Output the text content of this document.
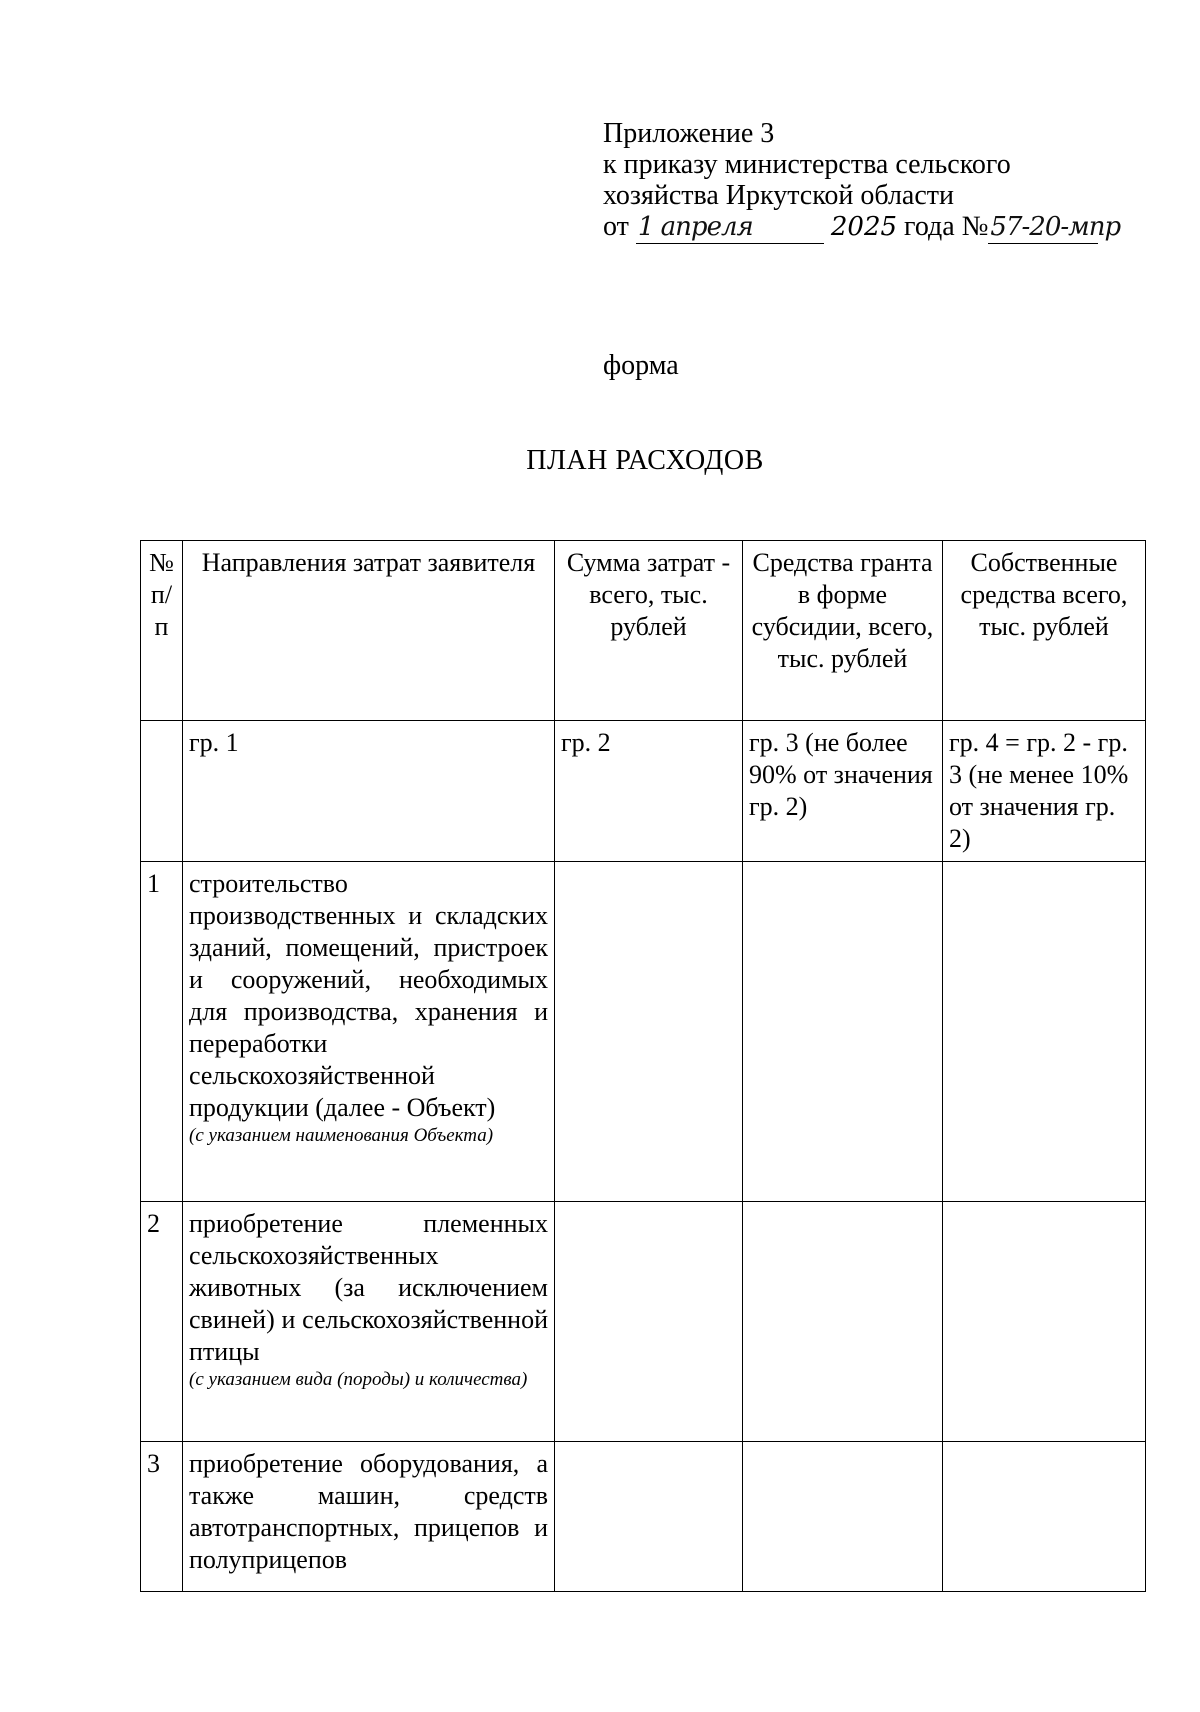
Приложение 3
к приказу министерства сельского
хозяйства Иркутской области
от 1 апреля	2025 года №57-20-мпр
форма
ПЛАН РАСХОДОВ
№ п/п	Направления затрат заявителя	Сумма затрат - всего, тыс. рублей	Средства гранта в форме субсидии, всего, тыс. рублей	Собственные средства всего, тыс. рублей
	гр. 1	гр. 2	гр. 3 (не более 90% от значения гр. 2)	гр. 4 = гр. 2 - гр. 3 (не менее 10% от значения гр. 2)
1	строительство производственных и складских зданий, помещений, пристроек и сооружений, необходимых для производства, хранения и переработки сельскохозяйственной продукции (далее - Объект)
(с указанием наименования Объекта)			

2	приобретение племенных сельскохозяйственных животных (за исключением свиней) и сельскохозяйственной птицы
(с указанием вида (породы) и количества)			

3	приобретение оборудования, а также машин, средств автотранспортных, прицепов и полуприцепов			
